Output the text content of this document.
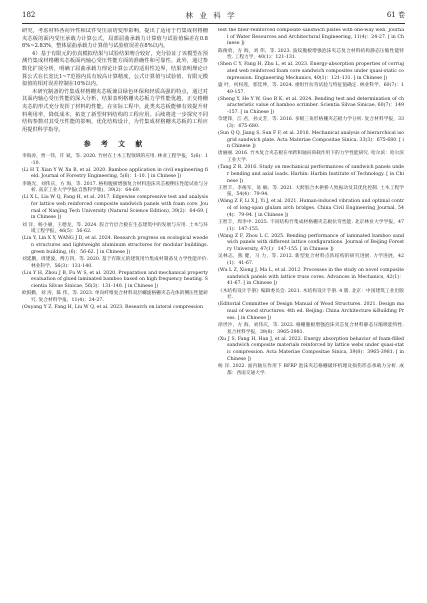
182	林 业 科 学	61 卷

研究，考虑材料各向异性和试件受压前切变形影响，提出了适用于竹集成材格栅夹芯板的面内受压承载力计算公式，局部屈曲承载力计算值与试验值偏差在0.86%~2.83%，整体屈曲承载力计算值与试验值误差在8%以内。

4）基于有限元的仿真模拟结果与试验结果吻合较好，充分验证了该模型在预测竹集成材格栅夹芯板面内轴心受压性能方面的准确性和可靠性。此外，通过参数化扩展分析，明确了屈曲承载力理论计算公式的适用性边界，结果表明理论计算公式在长宽比1~7范围内具有较高计算精度，公式计算值与试验值、有限元模拟值的相对误差控制在10%以内。

本研究制备的竹集成材格栅夹芯板兼具绿色环保和轻质高强的特点，通过对其面内轴心受压性能的深入分析，结果表明格栅夹芯板力学性能优越，正交格栅夹芯的形式充分发挥了材料的性能。在实际工程中，此类夹芯板能够有效提升材料利用率，降低成本，拓宽了新型材料结构的工程应用。后续将进一步探究不同结构参数对其受压性能的影响，优化结构设计，为竹集成材格栅夹芯板的工程应用提供科学指导。

参 考 文 献

李海涛，贾一伟，许 斌，等. 2020. 竹材在土木工程领域的应用. 林业工程学报，5(6)：1-10.

(Li H T, Xian Y W, Xu B, et al. 2020. Bamboo application in civil engineering field. Journal of Forestry Engineering, 5(6)：1-10. [ in Chinese ])

李晓光，刘伟庆，方 海，等. 2017. 格构腹板增强复合材料泡沫夹芯板侧压性能试验与分析. 南京工业大学学报(自然科学版)，39(2)：64-69.

(Li X L, Liu W Q, Fang H, et al. 2017. Edgewise compressive test and analysis for lattice web reinforced composite sandwich panels with foam core. Journal of Nanjing Tech University (Natural Science Edition), 39(2)：64-69. [ in Chinese ])

刘 洋，杨小赓，王德龙，等. 2024. 胶合竹层合板在生态建筑中的发展与应用. 土木与环境工程学报，46(5)：56-62.

(Liu Y, Lin X Y, WANG J D, et al. 2024. Research progress on ecological wooden structures and lightweight aluminum structures for modular buildings. green building, (6)：56-62. [ in Chinese ])

刘延鹏，周建波，傅万四，等. 2020. 基于有限元的建筑用竹集成材制备及力学性能评价. 林业科学，56(3)：131-140.

(Liu Y H, Zhou J B, Fu W S, et al. 2020. Preparation and mechanical property evaluation of glued laminated bamboo based on high frequency heating. Scientia Silvae Sinicae, 56(3)：131-140. [ in Chinese ])

欧阳勤，刘 涛，陈 伟，等. 2023. 单向纤维复合材料双层螺旋格栅夹芯壳体的侧压性能研究. 复合材料学报，11(4)：24-27.

(Ouyang Y Z, Fang H, Liu W Q, et al. 2023. Research on lateral compression

test the fiber-reinforced composite sandwich plates with one-way web. Journal of Water Resources and Architectural Engineering, 11(4)：24-27. [ in Chinese ])

陈俊勇，方 海，刘 伟，等. 2023. 波纹腹板增强泡沫夹芯复合材料结构静态压缩性能特性. 工程力学，40(1)：121-131.

(Shen C Y, Fang H, Zhu L, et al. 2023. Energy-absorption properties of corrugated web reinforced foam core sandwich composites under quasi-static compression. Engineering Mechanics, 40(1)：121-131. [ in Chinese ])

盛 叶，何权莲，郭廷坤，等. 2024. 重组竹抗弯试验与特征值确定. 林业科学，60(7)：149-157.

(Sheng Y, He Y W, Guo R K, et al. 2024. Bending test and determination of characteristic value of bamboo scrimber. Scientia Silvae Sinicae, 60(7)：149-157. [ in Chinese ])

佘建锋，江 君，孙文芳，等. 2016. 多级三角形格栅夹芯板力学分析. 复合材料学报，33(3)：675-680.

(Sun Q Q, Jiang S, Sun F F, et al. 2016. Mechanical analysis of hierarchical isogrid sandwich plate. Acta Materiae Compositae Sinica, 33(3)：675-680. [ in Chinese ])

唐丽丽. 2016. 竹木复合夹芯板在单跨和轴向荷载作用下的力学性能研究. 哈尔滨：哈尔滨工业大学.

(Tang Z R. 2016. Study on mechanical performances of sandwich panels under bending and axial loads. Harbin: Harbin Institute of Technology. [ in Chinese ])

王智丰，李俊军，易 楠，等. 2021. 大跨胶合木拱桥人致振动及其优化控制. 土木工程学报，54(4)：79-94.

(Wang Z F, Li X J, Yi J, et al. 2021. Human-induced vibration and optimal control of long-span glulam arch bridges. China Civil Engineering Journal, 54(4)：79-94. [ in Chinese ])

王智丰，周李中. 2025. 不同结构竹集成材格栅夹芯板抗弯性能. 北京林业大学学报，47(1)：147-155.

(Wang Z F, Zhou L C. 2025. Bending performance of laminated bamboo sandwich panels with different lattice configurations. Journal of Beijing Forestry University, 47(1)：147-155. [ in Chinese ])

吴林志，熊 健，马 力，等. 2012. 新型复合材料点阵结构的研究进展. 力学进展，42(1)：41-67.

(Wu L Z, Xiong J, Ma L, et al. 2012. Processes in the study on novel composite sandwich panels with lattice truss cores. Advances in Mechanics, 42(1)：41-67. [ in Chinese ])

《木结构设计手册》编辑委员会. 2021. 木结构设计手册. 4 版. 北京：中国建筑工业出版社.

(Editorial Committee of Design Manual of Wood Structures. 2021. Design manual of wood structures. 4th ed. Beijing: China Architecture &Building Press. [ in Chinese ])

徐世沙，方 海，刘伟庆，等. 2022. 格栅腹板增强泡沫夹芯复合材料静态压缩吸能特性. 复合材料学报，39(8)：3965-3981.

(Xu J S, Fang H, Han J, et al. 2022. Energy absorption behavior of foam-filled sandwich composite materials reinforced by lattice webs under quasi-static compression. Acta Materiae Compositae Sinica, 39(8)：3965-3981. [ in Chinese ])

杨 洋. 2022. 面内轴压作用下 BFRP 泡沫夹芯格栅破坏机理及损伤形态承载力分析. 成都：西南交通大学.
